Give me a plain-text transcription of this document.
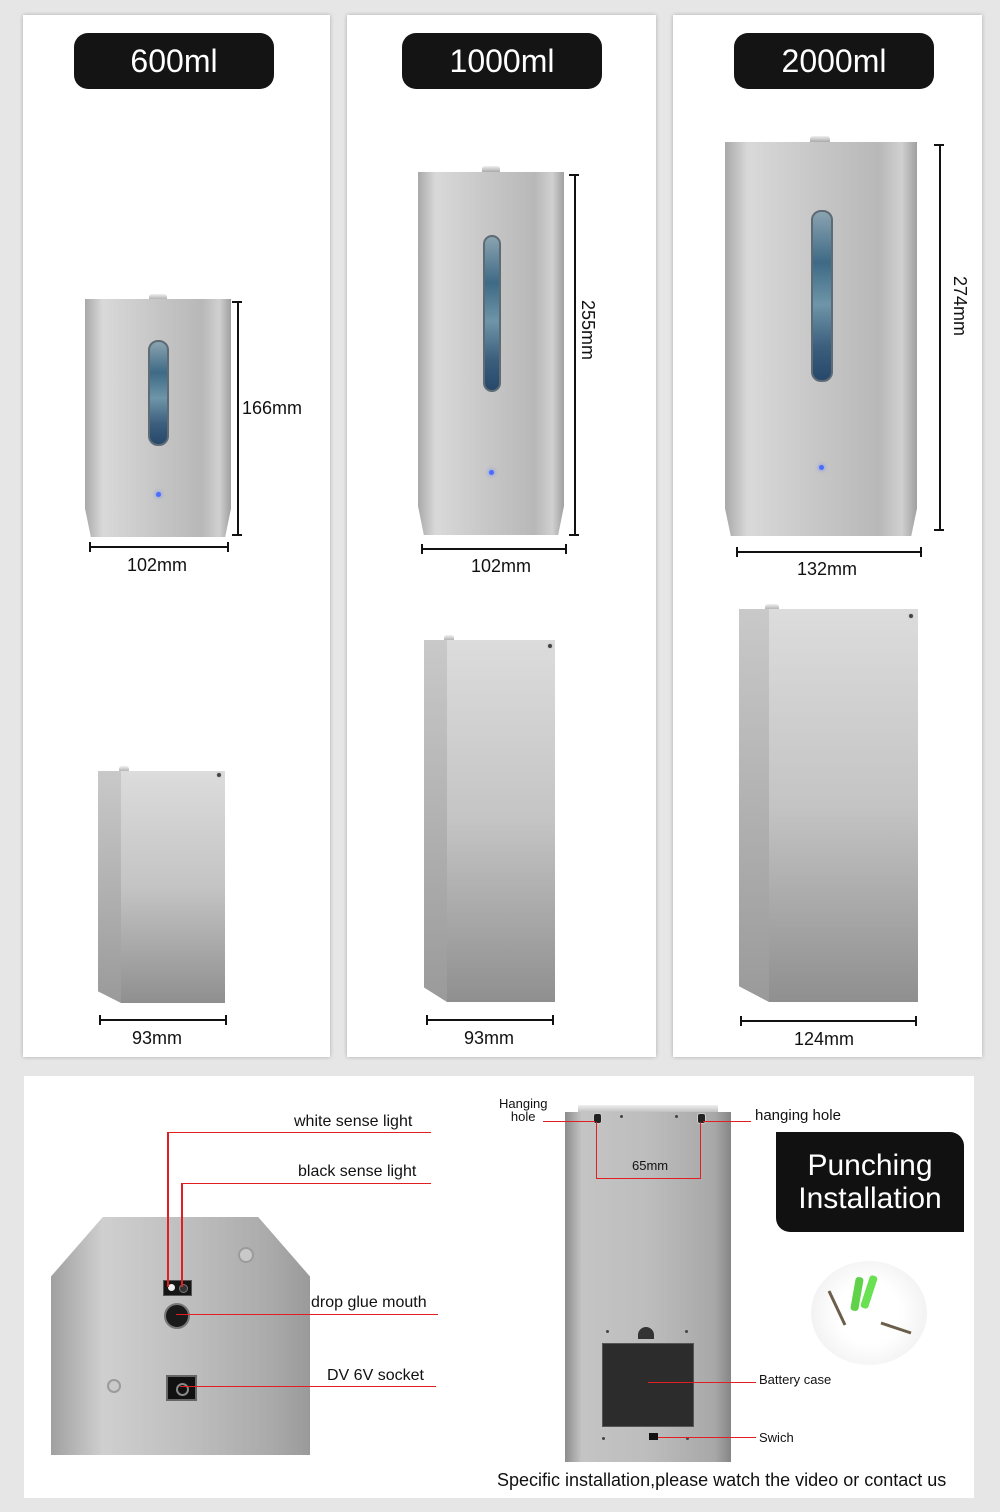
600ml
166mm
102mm
93mm
1000ml
255mm
102mm
93mm
2000ml
274mm
132mm
124mm
white sense light
black sense light
drop glue mouth
DV 6V socket
65mm
Hanging
hole	hanging hole
Battery case
Swich
Punching
Installation
Specific installation,please watch the video or contact us
